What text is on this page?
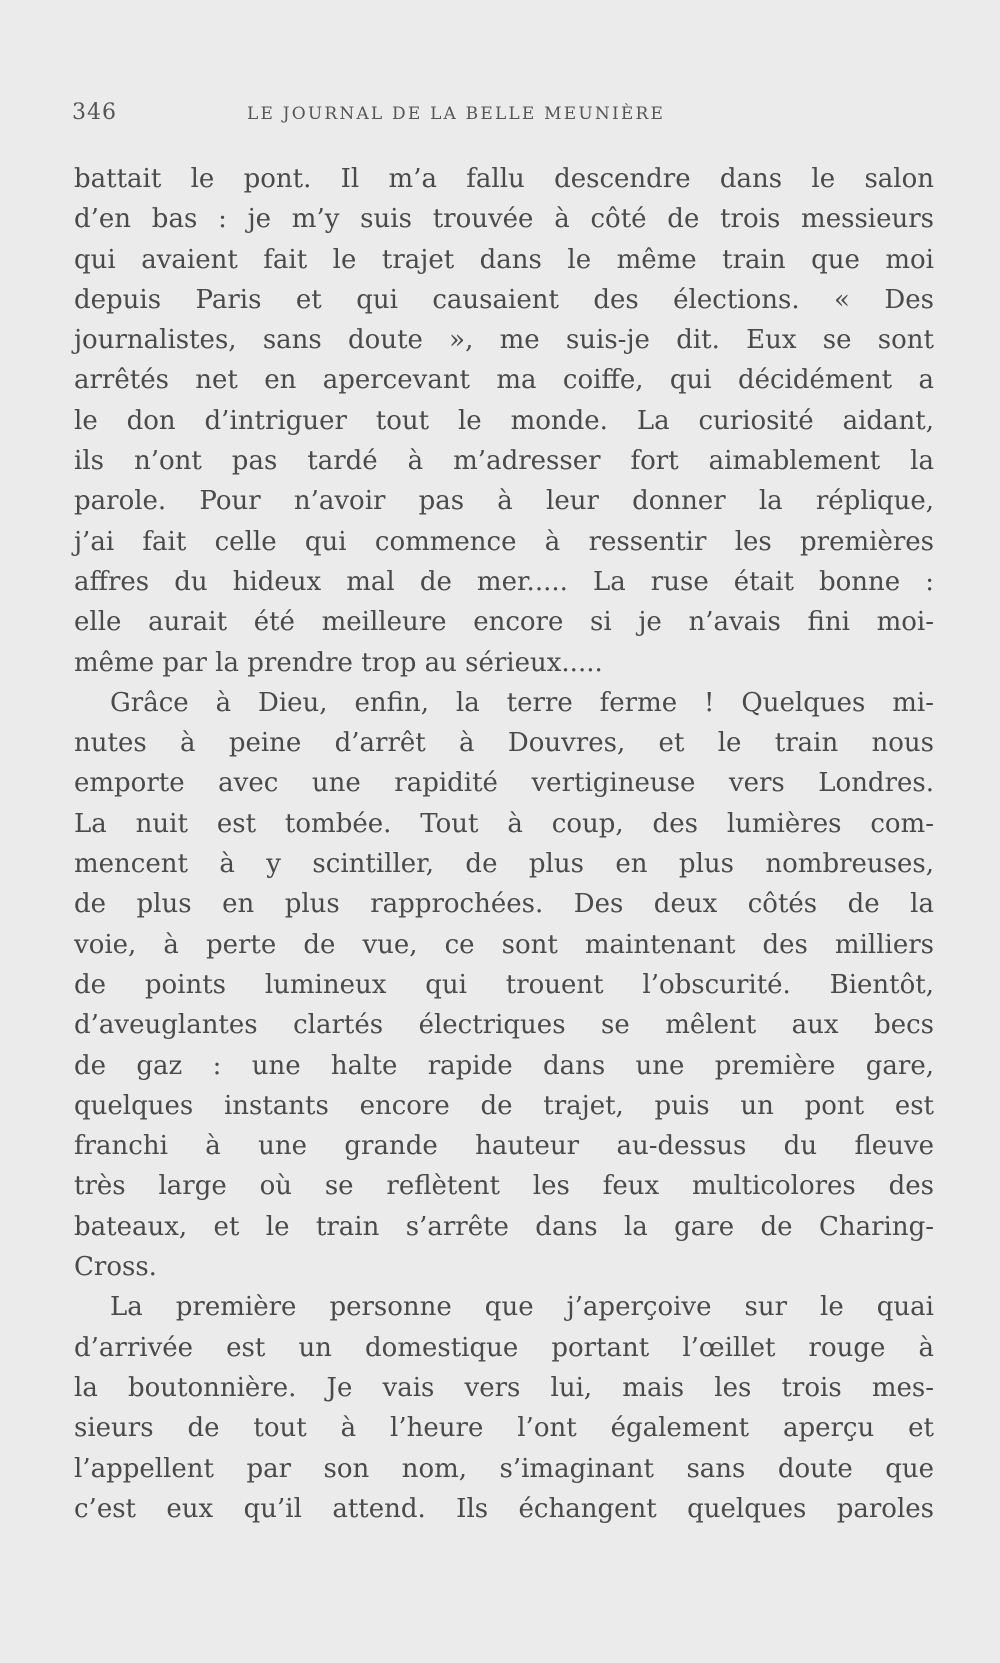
346	LE JOURNAL DE LA BELLE MEUNIÈRE
battait le pont. Il m’a fallu descendre dans le salon
d’en bas : je m’y suis trouvée à côté de trois messieurs
qui avaient fait le trajet dans le même train que moi
depuis Paris et qui causaient des élections. « Des
journalistes, sans doute », me suis-je dit. Eux se sont
arrêtés net en apercevant ma coiffe, qui décidément a
le don d’intriguer tout le monde. La curiosité aidant,
ils n’ont pas tardé à m’adresser fort aimablement la
parole. Pour n’avoir pas à leur donner la réplique,
j’ai fait celle qui commence à ressentir les premières
affres du hideux mal de mer..... La ruse était bonne :
elle aurait été meilleure encore si je n’avais fini moi-
même par la prendre trop au sérieux.....
Grâce à Dieu, enfin, la terre ferme ! Quelques mi-
nutes à peine d’arrêt à Douvres, et le train nous
emporte avec une rapidité vertigineuse vers Londres.
La nuit est tombée. Tout à coup, des lumières com-
mencent à y scintiller, de plus en plus nombreuses,
de plus en plus rapprochées. Des deux côtés de la
voie, à perte de vue, ce sont maintenant des milliers
de points lumineux qui trouent l’obscurité. Bientôt,
d’aveuglantes clartés électriques se mêlent aux becs
de gaz : une halte rapide dans une première gare,
quelques instants encore de trajet, puis un pont est
franchi à une grande hauteur au-dessus du fleuve
très large où se reflètent les feux multicolores des
bateaux, et le train s’arrête dans la gare de Charing-
Cross.
La première personne que j’aperçoive sur le quai
d’arrivée est un domestique portant l’œillet rouge à
la boutonnière. Je vais vers lui, mais les trois mes-
sieurs de tout à l’heure l’ont également aperçu et
l’appellent par son nom, s’imaginant sans doute que
c’est eux qu’il attend. Ils échangent quelques paroles
